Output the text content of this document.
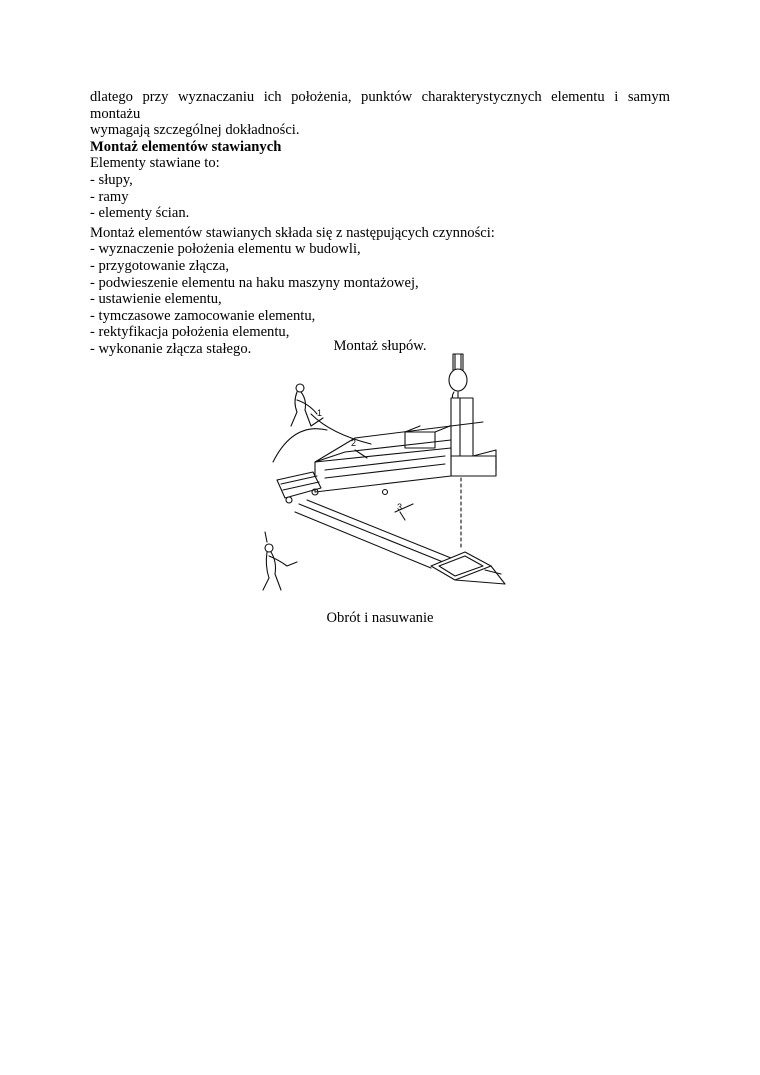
dlatego przy wyznaczaniu ich położenia, punktów charakterystycznych elementu i samym montażu

wymagają szczególnej dokładności.

Montaż elementów stawianych

Elementy stawiane to:

- słupy,
- ramy
- elementy ścian.

Montaż elementów stawianych składa się z następujących czynności:

- wyznaczenie położenia elementu w budowli,
- przygotowanie złącza,
- podwieszenie elementu na haku maszyny montażowej,
- ustawienie elementu,
- tymczasowe zamocowanie elementu,
- rektyfikacja położenia elementu,
- wykonanie złącza stałego.	Montaż słupów.
1
2
3
Obrót i nasuwanie
